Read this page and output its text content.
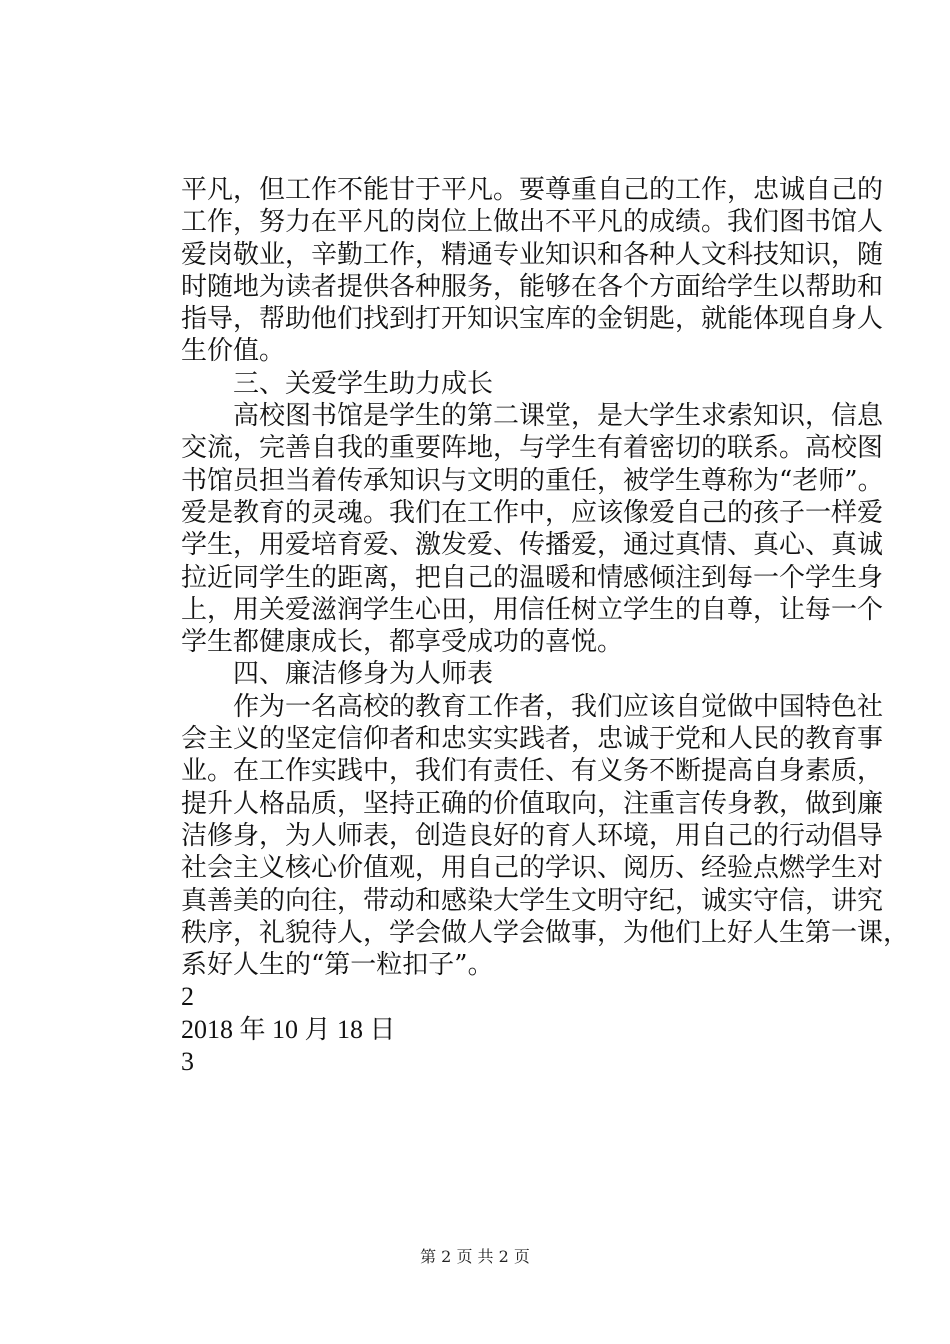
平凡，但工作不能甘于平凡。要尊重自己的工作，忠诚自己的
工作，努力在平凡的岗位上做出不平凡的成绩。我们图书馆人
爱岗敬业，辛勤工作，精通专业知识和各种人文科技知识，随
时随地为读者提供各种服务，能够在各个方面给学生以帮助和
指导，帮助他们找到打开知识宝库的金钥匙，就能体现自身人
生价值。
三、关爱学生助力成长
高校图书馆是学生的第二课堂，是大学生求索知识，信息
交流，完善自我的重要阵地，与学生有着密切的联系。高校图
书馆员担当着传承知识与文明的重任，被学生尊称为“老师”。
爱是教育的灵魂。我们在工作中，应该像爱自己的孩子一样爱
学生，用爱培育爱、激发爱、传播爱，通过真情、真心、真诚
拉近同学生的距离，把自己的温暖和情感倾注到每一个学生身
上，用关爱滋润学生心田，用信任树立学生的自尊，让每一个
学生都健康成长，都享受成功的喜悦。
四、廉洁修身为人师表
作为一名高校的教育工作者，我们应该自觉做中国特色社
会主义的坚定信仰者和忠实实践者，忠诚于党和人民的教育事
业。在工作实践中，我们有责任、有义务不断提高自身素质，
提升人格品质，坚持正确的价值取向，注重言传身教，做到廉
洁修身，为人师表，创造良好的育人环境，用自己的行动倡导
社会主义核心价值观，用自己的学识、阅历、经验点燃学生对
真善美的向往，带动和感染大学生文明守纪，诚实守信，讲究
秩序，礼貌待人，学会做人学会做事，为他们上好人生第一课，
系好人生的“第一粒扣子”。
2
2018 年 10 月 18 日
3
第 2 页 共 2 页
